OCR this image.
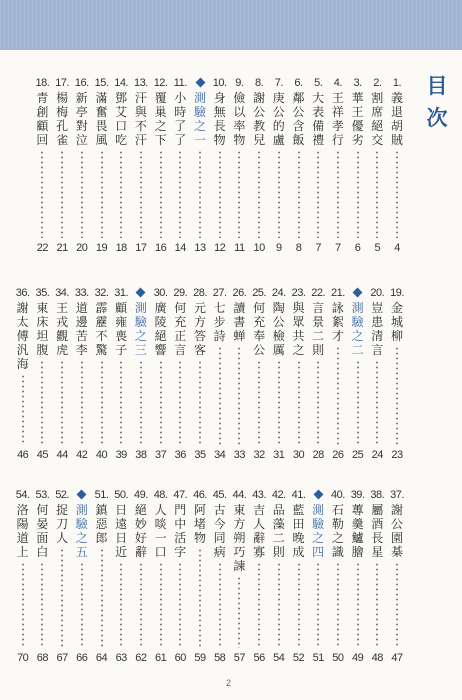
目
次
1.
義
退
胡
賊
4
2.
割
席
絕
交
5
3.
華
王
優
劣
6
4.
王
祥
孝
行
7
5.
大
表
備
禮
7
6.
鄰
公
含
飯
8
7.
庚
公
的
盧
9
8.
謝
公
教
兒
10
9.
儉
以
率
物
11
10.
身
無
長
物
12
測
驗
之
一
13
11.
小
時
了
了
14
12.
覆
巢
之
下
16
13.
汗
與
不
汗
17
14.
鄧
艾
口
吃
18
15.
滿
奮
畏
風
19
16.
新
亭
對
泣
20
17.
楊
梅
孔
雀
21
18.
青
創
顧
回
22
19.
金
城
柳
23
20.
豈
患
清
言
24
測
驗
之
二
25
21.
詠
絮
才
26
22.
言
景
二
則
28
23.
與
眾
共
之
30
24.
陶
公
檢
厲
31
25.
何
充
奉
公
32
26.
讀
書
蝉
33
27.
七
步
詩
34
28.
元
方
答
客
35
29.
何
充
正
言
36
30.
廣
陵
絕
響
37
測
驗
之
三
38
31.
顧
雍
喪
子
39
32.
霹
靂
不
驚
40
33.
道
邊
苦
李
42
34.
王
戎
觀
虎
44
35.
東
床
坦
腹
45
36.
謝
太
傅
汎
海
46
37.
謝
公
園
棊
47
38.
屬
酒
長
星
48
39.
蓴
羹
鱸
膾
49
40.
石
勒
之
識
50
測
驗
之
四
51
41.
藍
田
晚
成
52
42.
品
藻
二
則
54
43.
吉
人
辭
寡
56
44.
東
方
朔
巧
諫
57
45.
古
今
同
病
58
46.
阿
堵
物
59
47.
門
中
活
字
60
48.
人
啖
一
口
61
49.
絕
妙
好
辭
62
50.
日
遠
日
近
63
51.
鎮
惡
郎
64
測
驗
之
五
66
52.
捉
刀
人
67
53.
何
晏
面
白
68
54.
洛
陽
道
上
70
2
